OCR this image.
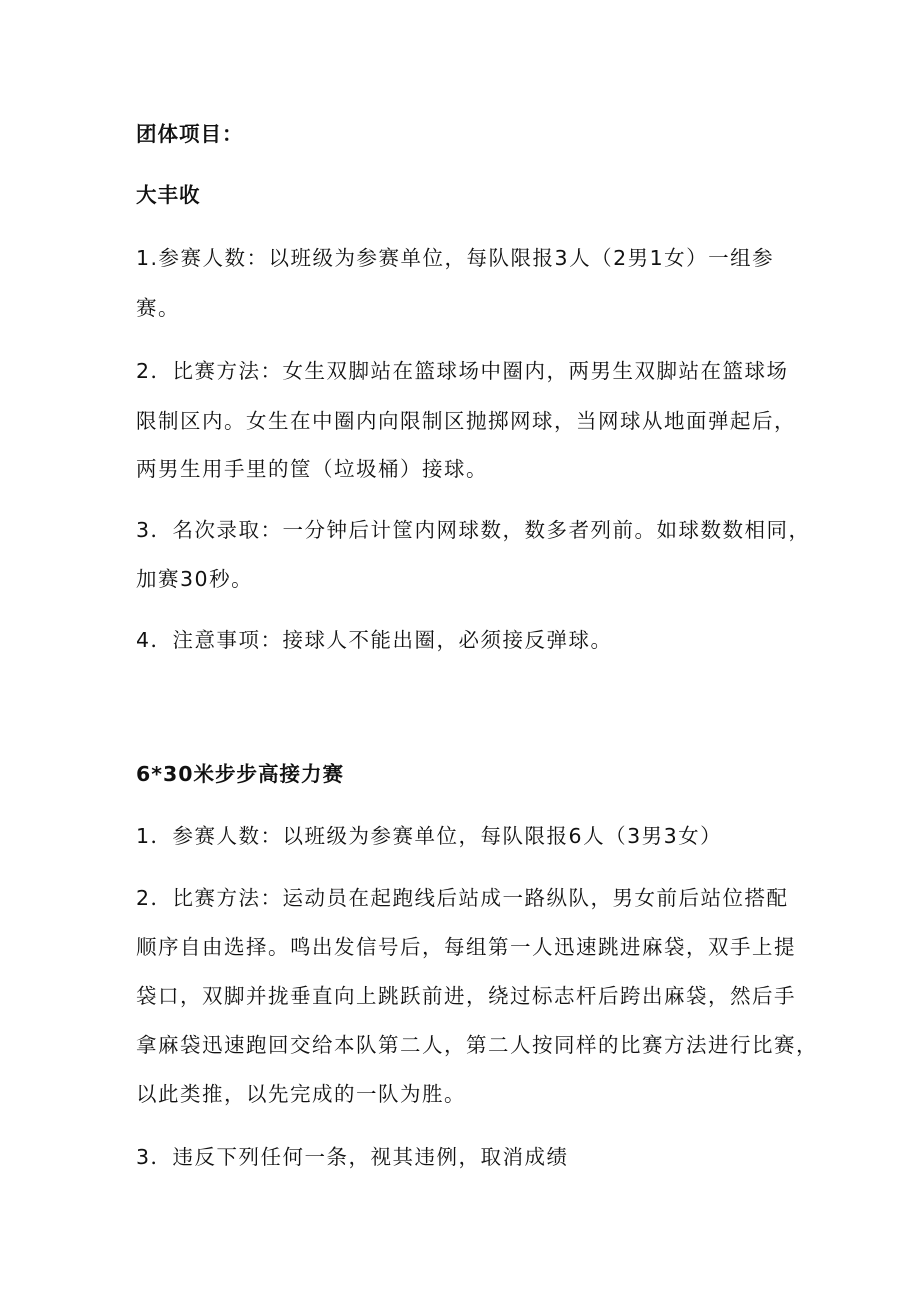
团体项目：
大丰收
1.参赛人数：以班级为参赛单位，每队限报3人（2男1女）一组参
赛。
2．比赛方法：女生双脚站在篮球场中圈内，两男生双脚站在篮球场
限制区内。女生在中圈内向限制区抛掷网球，当网球从地面弹起后，
两男生用手里的筐（垃圾桶）接球。
3．名次录取：一分钟后计筐内网球数，数多者列前。如球数数相同，
加赛30秒。
4．注意事项：接球人不能出圈，必须接反弹球。
6*30米步步高接力赛
1．参赛人数：以班级为参赛单位，每队限报6人（3男3女）
2．比赛方法：运动员在起跑线后站成一路纵队，男女前后站位搭配
顺序自由选择。鸣出发信号后，每组第一人迅速跳进麻袋，双手上提
袋口，双脚并拢垂直向上跳跃前进，绕过标志杆后跨出麻袋，然后手
拿麻袋迅速跑回交给本队第二人，第二人按同样的比赛方法进行比赛，
以此类推，以先完成的一队为胜。
3．违反下列任何一条，视其违例，取消成绩
